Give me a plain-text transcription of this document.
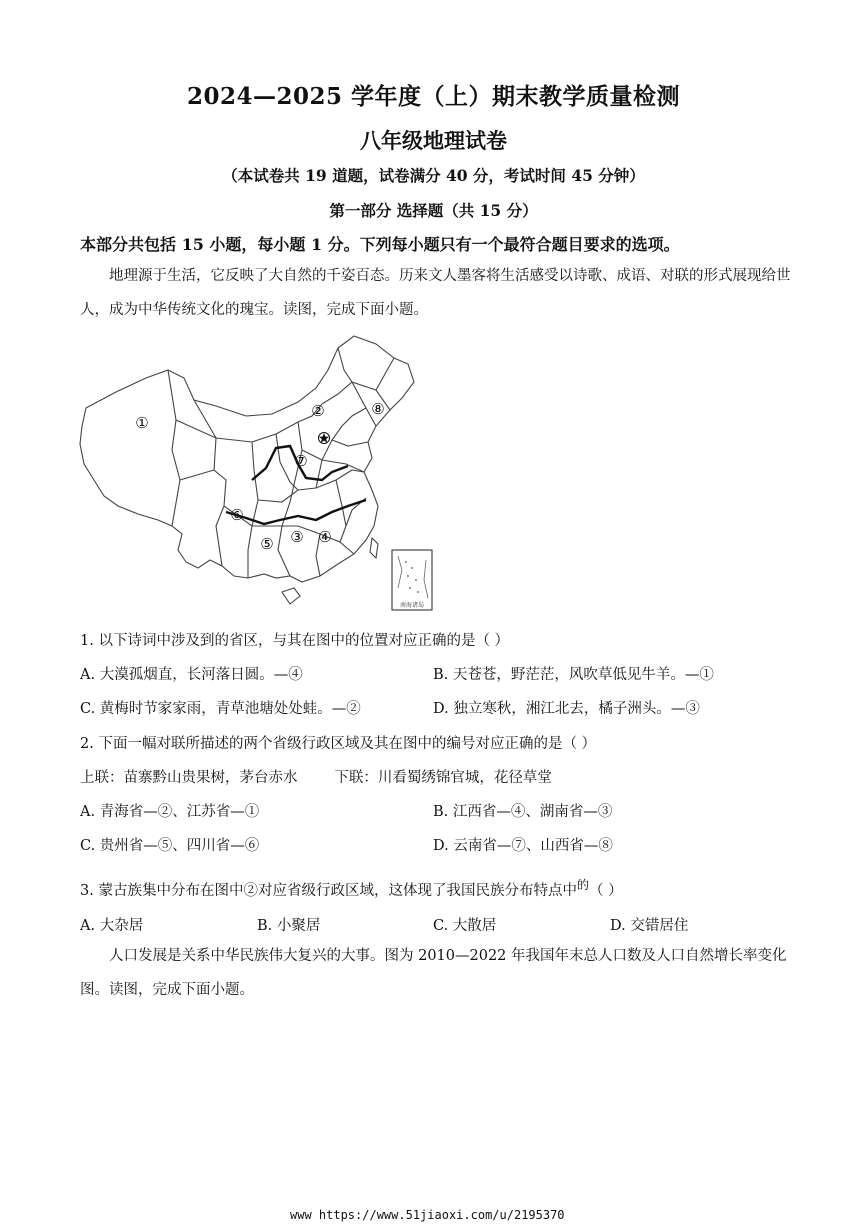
2024—2025 学年度（上）期末教学质量检测
八年级地理试卷
（本试卷共 19 道题，试卷满分 40 分，考试时间 45 分钟）
第一部分 选择题（共 15 分）
本部分共包括 15 小题，每小题 1 分。下列每小题只有一个最符合题目要求的选项。
地理源于生活，它反映了大自然的千姿百态。历来文人墨客将生活感受以诗歌、成语、对联的形式展现给世人，成为中华传统文化的瑰宝。读图，完成下面小题。
南海诸岛
①
②
③ ④
⑤
⑥
⑦
⑧
1. 以下诗词中涉及到的省区，与其在图中的位置对应正确的是（ ）
A. 大漠孤烟直，长河落日圆。—④	B. 天苍苍，野茫茫，风吹草低见牛羊。—①
C. 黄梅时节家家雨，青草池塘处处蛙。—②	D. 独立寒秋，湘江北去，橘子洲头。—③
2. 下面一幅对联所描述的两个省级行政区域及其在图中的编号对应正确的是（ ）
上联：苗寨黔山贵果树，茅台赤水        下联：川看蜀绣锦官城，花径草堂
A. 青海省—②、江苏省—①	B. 江西省—④、湖南省—③
C. 贵州省—⑤、四川省—⑥	D. 云南省—⑦、山西省—⑧
3. 蒙古族集中分布在图中②对应省级行政区域，这体现了我国民族分布特点中$^的$（ ）
A. 大杂居	B. 小聚居	C. 大散居	D. 交错居住
人口发展是关系中华民族伟大复兴的大事。图为 2010—2022 年我国年末总人口数及人口自然增长率变化图。读图，完成下面小题。
www https://www.51jiaoxi.com/u/2195370
